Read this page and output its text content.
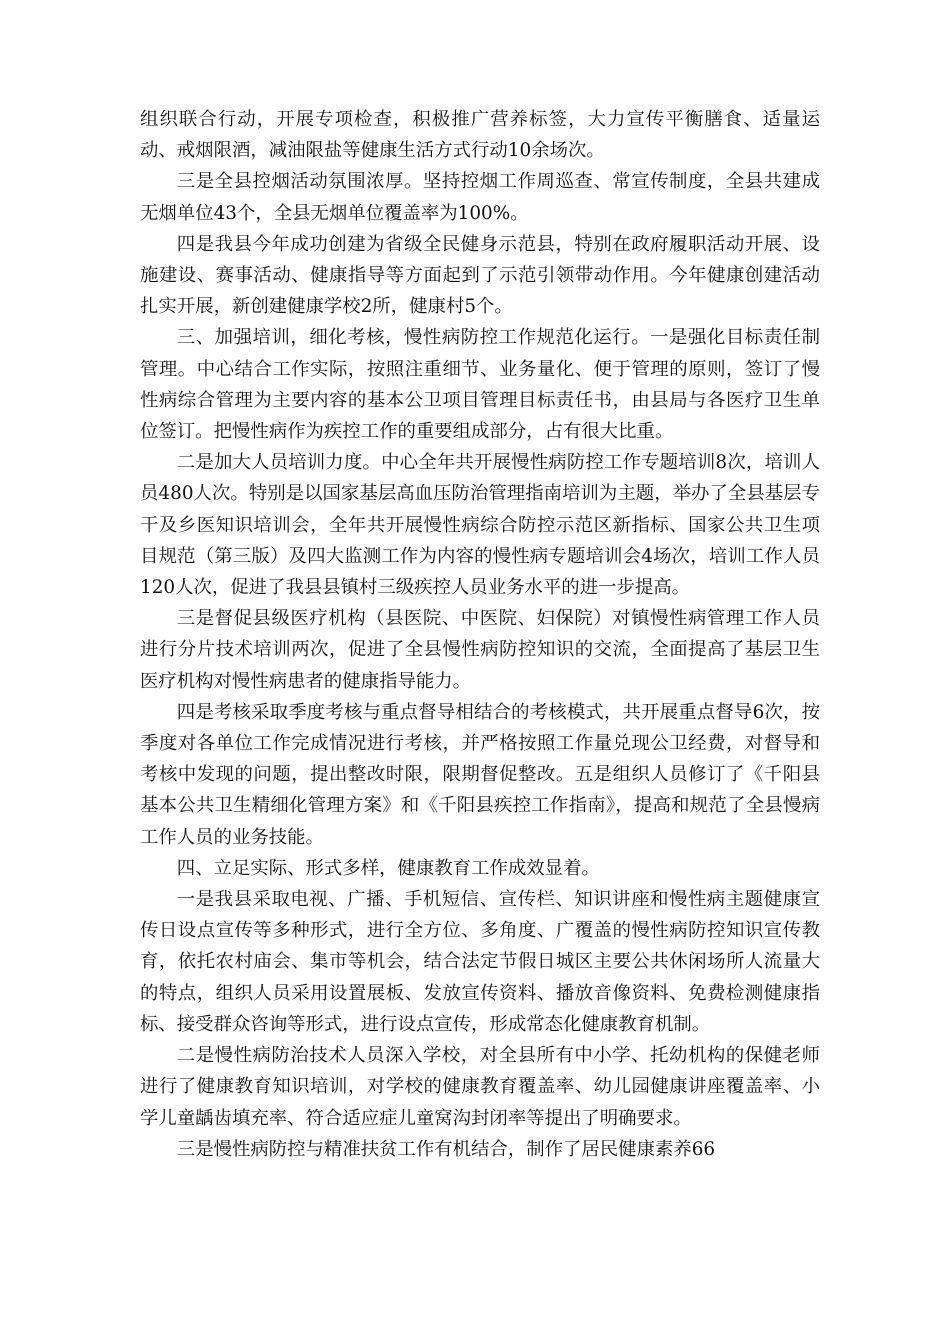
组织联合行动，开展专项检查，积极推广营养标签，大力宣传平衡膳食、适量运动、戒烟限酒，减油限盐等健康生活方式行动10余场次。

三是全县控烟活动氛围浓厚。坚持控烟工作周巡查、常宣传制度，全县共建成无烟单位43个，全县无烟单位覆盖率为100%。

四是我县今年成功创建为省级全民健身示范县，特别在政府履职活动开展、设施建设、赛事活动、健康指导等方面起到了示范引领带动作用。今年健康创建活动扎实开展，新创建健康学校2所，健康村5个。

三、加强培训，细化考核，慢性病防控工作规范化运行。一是强化目标责任制管理。中心结合工作实际，按照注重细节、业务量化、便于管理的原则，签订了慢性病综合管理为主要内容的基本公卫项目管理目标责任书，由县局与各医疗卫生单位签订。把慢性病作为疾控工作的重要组成部分，占有很大比重。

二是加大人员培训力度。中心全年共开展慢性病防控工作专题培训8次，培训人员480人次。特别是以国家基层高血压防治管理指南培训为主题，举办了全县基层专干及乡医知识培训会，全年共开展慢性病综合防控示范区新指标、国家公共卫生项目规范（第三版）及四大监测工作为内容的慢性病专题培训会4场次，培训工作人员120人次，促进了我县县镇村三级疾控人员业务水平的进一步提高。

三是督促县级医疗机构（县医院、中医院、妇保院）对镇慢性病管理工作人员进行分片技术培训两次，促进了全县慢性病防控知识的交流，全面提高了基层卫生医疗机构对慢性病患者的健康指导能力。

四是考核采取季度考核与重点督导相结合的考核模式，共开展重点督导6次，按季度对各单位工作完成情况进行考核，并严格按照工作量兑现公卫经费，对督导和考核中发现的问题，提出整改时限，限期督促整改。五是组织人员修订了《千阳县基本公共卫生精细化管理方案》和《千阳县疾控工作指南》，提高和规范了全县慢病工作人员的业务技能。

四、立足实际、形式多样，健康教育工作成效显着。

一是我县采取电视、广播、手机短信、宣传栏、知识讲座和慢性病主题健康宣传日设点宣传等多种形式，进行全方位、多角度、广覆盖的慢性病防控知识宣传教育，依托农村庙会、集市等机会，结合法定节假日城区主要公共休闲场所人流量大的特点，组织人员采用设置展板、发放宣传资料、播放音像资料、免费检测健康指标、接受群众咨询等形式，进行设点宣传，形成常态化健康教育机制。

二是慢性病防治技术人员深入学校，对全县所有中小学、托幼机构的保健老师进行了健康教育知识培训，对学校的健康教育覆盖率、幼儿园健康讲座覆盖率、小学儿童龋齿填充率、符合适应症儿童窝沟封闭率等提出了明确要求。

三是慢性病防控与精准扶贫工作有机结合，制作了居民健康素养66
